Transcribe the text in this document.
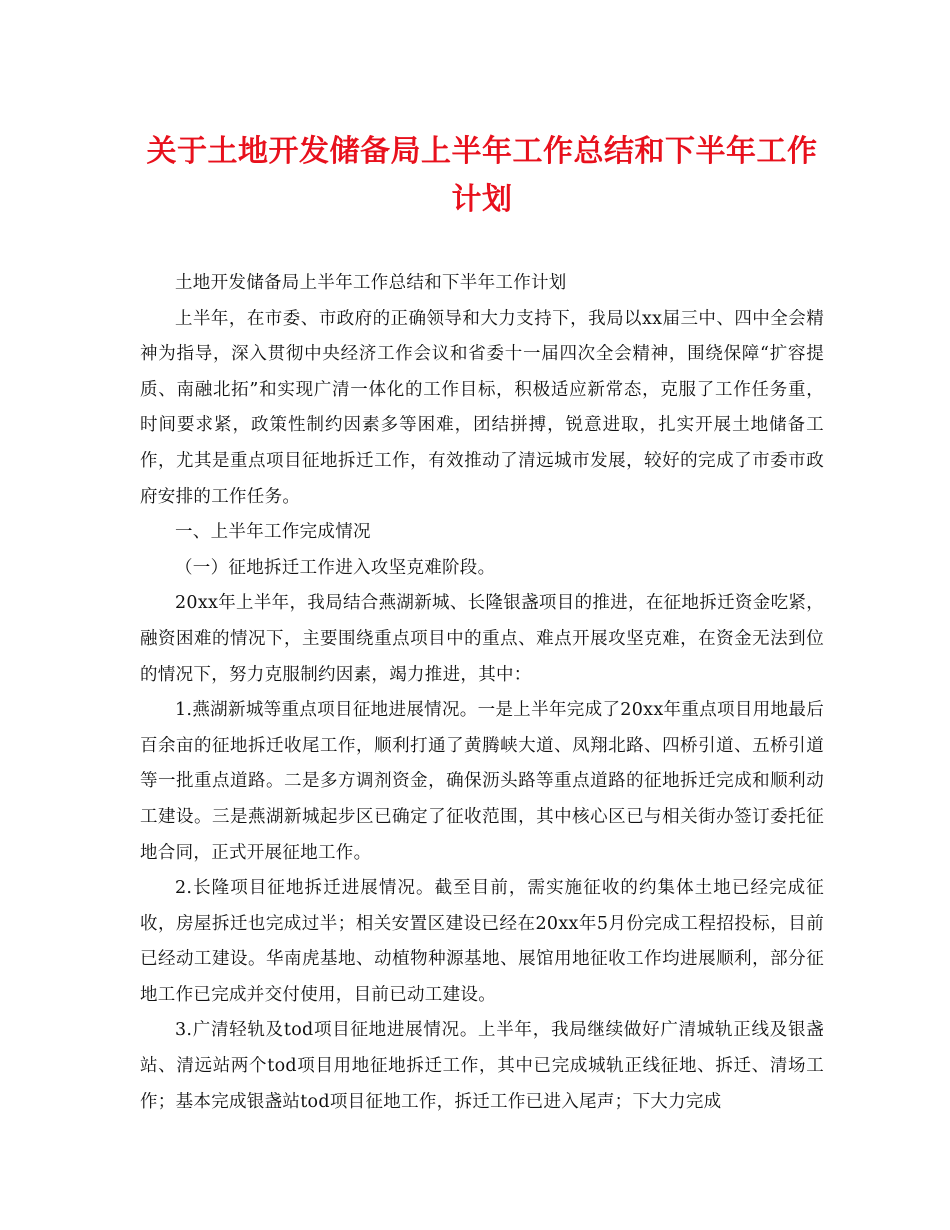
关于土地开发储备局上半年工作总结和下半年工作计划

土地开发储备局上半年工作总结和下半年工作计划

上半年，在市委、市政府的正确领导和大力支持下，我局以xx届三中、四中全会精神为指导，深入贯彻中央经济工作会议和省委十一届四次全会精神，围绕保障“扩容提质、南融北拓”和实现广清一体化的工作目标，积极适应新常态，克服了工作任务重，时间要求紧，政策性制约因素多等困难，团结拼搏，锐意进取，扎实开展土地储备工作，尤其是重点项目征地拆迁工作，有效推动了清远城市发展，较好的完成了市委市政府安排的工作任务。

一、上半年工作完成情况

（一）征地拆迁工作进入攻坚克难阶段。

20xx年上半年，我局结合燕湖新城、长隆银盏项目的推进，在征地拆迁资金吃紧，融资困难的情况下，主要围绕重点项目中的重点、难点开展攻坚克难，在资金无法到位的情况下，努力克服制约因素，竭力推进，其中：

1.燕湖新城等重点项目征地进展情况。一是上半年完成了20xx年重点项目用地最后百余亩的征地拆迁收尾工作，顺利打通了黄腾峡大道、凤翔北路、四桥引道、五桥引道等一批重点道路。二是多方调剂资金，确保沥头路等重点道路的征地拆迁完成和顺利动工建设。三是燕湖新城起步区已确定了征收范围，其中核心区已与相关街办签订委托征地合同，正式开展征地工作。

2.长隆项目征地拆迁进展情况。截至目前，需实施征收的约集体土地已经完成征收，房屋拆迁也完成过半；相关安置区建设已经在20xx年5月份完成工程招投标，目前已经动工建设。华南虎基地、动植物种源基地、展馆用地征收工作均进展顺利，部分征地工作已完成并交付使用，目前已动工建设。

3.广清轻轨及tod项目征地进展情况。上半年，我局继续做好广清城轨正线及银盏站、清远站两个tod项目用地征地拆迁工作，其中已完成城轨正线征地、拆迁、清场工作；基本完成银盏站tod项目征地工作，拆迁工作已进入尾声；下大力完成
